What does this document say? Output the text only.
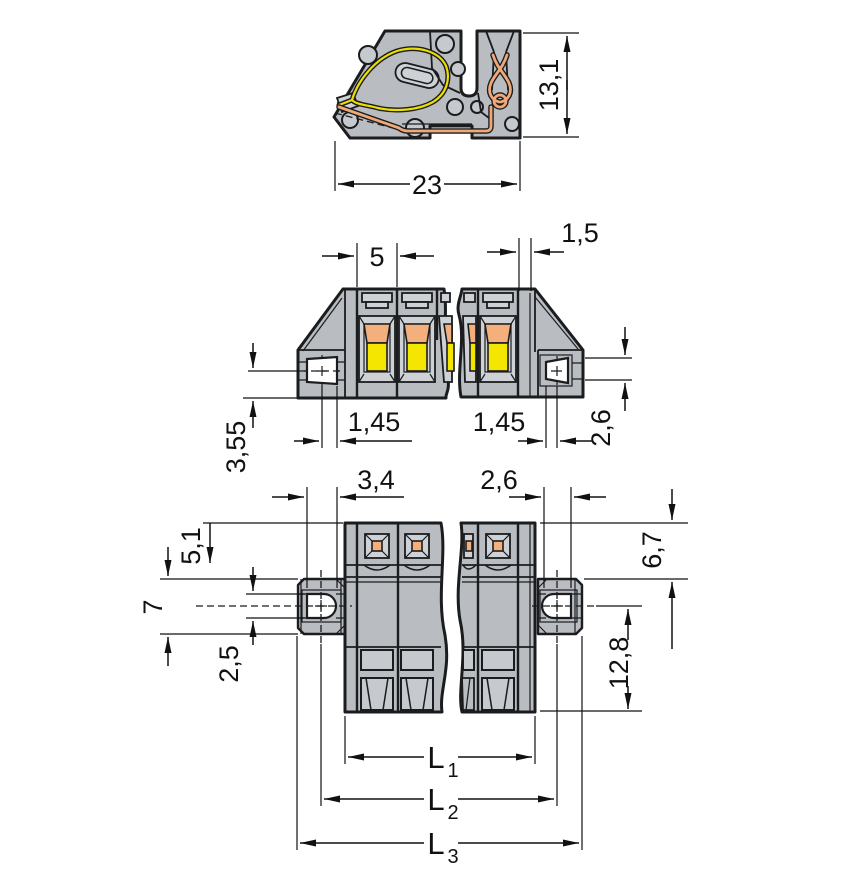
13,1
23
5
1,5
1,45	1,45 2,6
3,55
3,4	2,6
5,1
7
2,5
6,7
12,8
L 1
L 2
L 3
